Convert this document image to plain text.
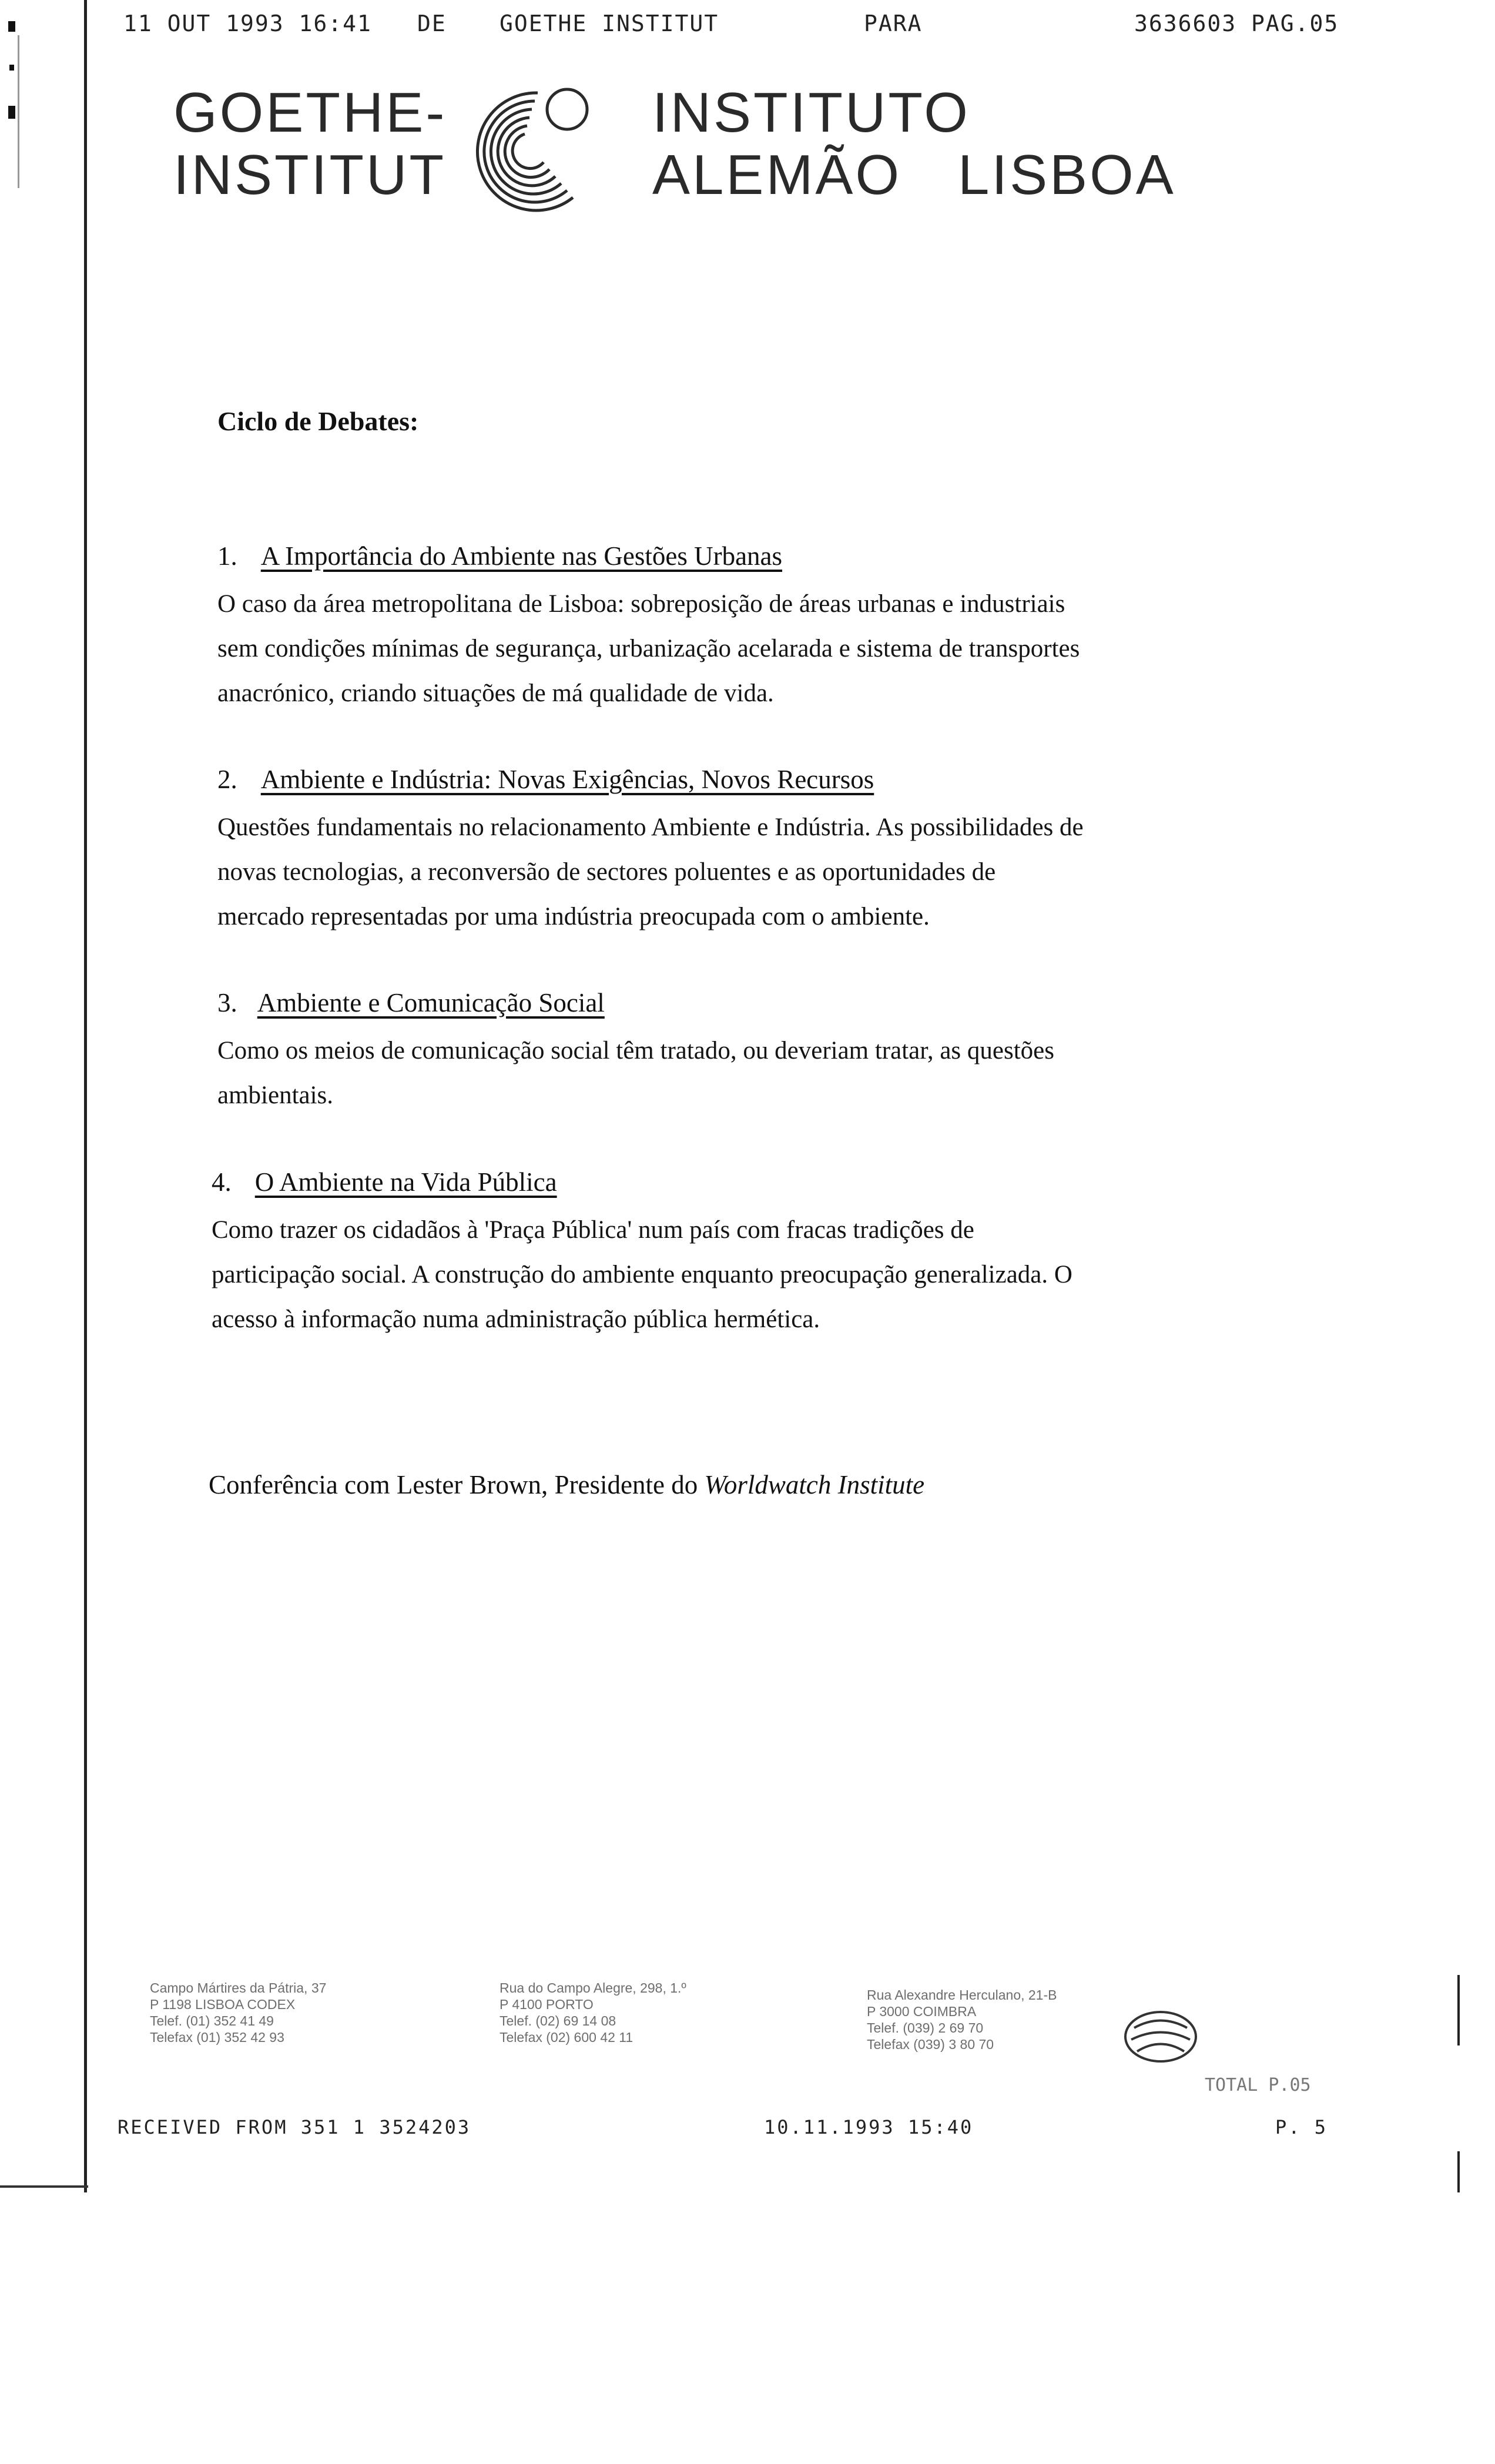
11 OUT 1993 16:41 DE GOETHE INSTITUT	PARA	3636603 PAG.05
GOETHE-
INSTITUT
INSTITUTO
ALEMÃO LISBOA
Ciclo de Debates:
1. A Importância do Ambiente nas Gestões Urbanas
O caso da área metropolitana de Lisboa: sobreposição de áreas urbanas e industriais
sem condições mínimas de segurança, urbanização acelarada e sistema de transportes
anacrónico, criando situações de má qualidade de vida.
2. Ambiente e Indústria: Novas Exigências, Novos Recursos
Questões fundamentais no relacionamento Ambiente e Indústria. As possibilidades de
novas tecnologias, a reconversão de sectores poluentes e as oportunidades de
mercado representadas por uma indústria preocupada com o ambiente.
3. Ambiente e Comunicação Social
Como os meios de comunicação social têm tratado, ou deveriam tratar, as questões
ambientais.
4. O Ambiente na Vida Pública
Como trazer os cidadãos à 'Praça Pública' num país com fracas tradições de
participação social. A construção do ambiente enquanto preocupação generalizada. O
acesso à informação numa administração pública hermética.
Conferência com Lester Brown, Presidente do Worldwatch Institute
Campo Mártires da Pátria, 37
P 1198 LISBOA CODEX
Telef. (01) 352 41 49
Telefax (01) 352 42 93
Rua do Campo Alegre, 298, 1.º
P 4100 PORTO
Telef. (02) 69 14 08
Telefax (02) 600 42 11
Rua Alexandre Herculano, 21-B
P 3000 COIMBRA
Telef. (039) 2 69 70
Telefax (039) 3 80 70
TOTAL P.05
RECEIVED FROM 351 1 3524203	10.11.1993 15:40	P. 5
